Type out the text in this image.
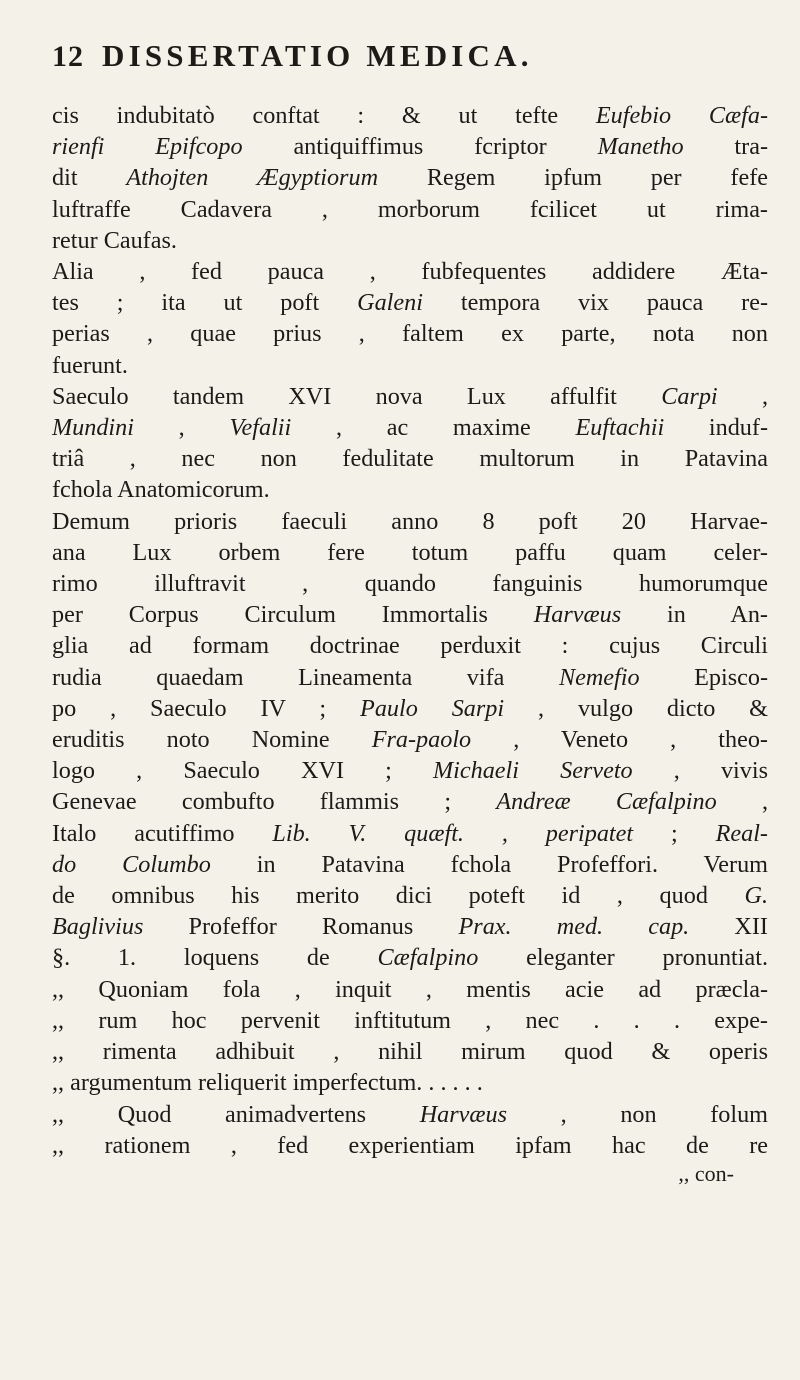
12 DISSERTATIO MEDICA.
cis indubitatò conftat : & ut tefte Eufebio Cæfa-
rienfi Epifcopo antiquiffimus fcriptor Manetho tra-
dit Athojten Ægyptiorum Regem ipfum per fefe
luftraffe Cadavera , morborum fcilicet ut rima-
retur Caufas.
Alia , fed pauca , fubfequentes addidere Æta-
tes ; ita ut poft Galeni tempora vix pauca re-
perias , quae prius , faltem ex parte, nota non
fuerunt.
Saeculo tandem XVI nova Lux affulfit Carpi ,
Mundini , Vefalii , ac maxime Euftachii induf-
triâ , nec non fedulitate multorum in Patavina
fchola Anatomicorum.
Demum prioris faeculi anno 8 poft 20 Harvae-
ana Lux orbem fere totum paffu quam celer-
rimo illuftravit , quando fanguinis humorumque
per Corpus Circulum Immortalis Harvæus in An-
glia ad formam doctrinae perduxit : cujus Circuli
rudia quaedam Lineamenta vifa Nemefio Episco-
po , Saeculo IV ; Paulo Sarpi , vulgo dicto &
eruditis noto Nomine Fra-paolo , Veneto , theo-
logo , Saeculo XVI ; Michaeli Serveto , vivis
Genevae combufto flammis ; Andreæ Cæfalpino ,
Italo acutiffimo Lib. V. quæft. , peripatet ; Real-
do Columbo in Patavina fchola Profeffori. Verum
de omnibus his merito dici poteft id , quod G.
Baglivius Profeffor Romanus Prax. med. cap. XII
§. 1. loquens de Cæfalpino eleganter pronuntiat.
,, Quoniam fola , inquit , mentis acie ad præcla-
,, rum hoc pervenit inftitutum , nec . . . expe-
,, rimenta adhibuit , nihil mirum quod & operis
,, argumentum reliquerit imperfectum. . . . . .
,, Quod animadvertens Harvæus , non folum
,, rationem , fed experientiam ipfam hac de re
,, con-
